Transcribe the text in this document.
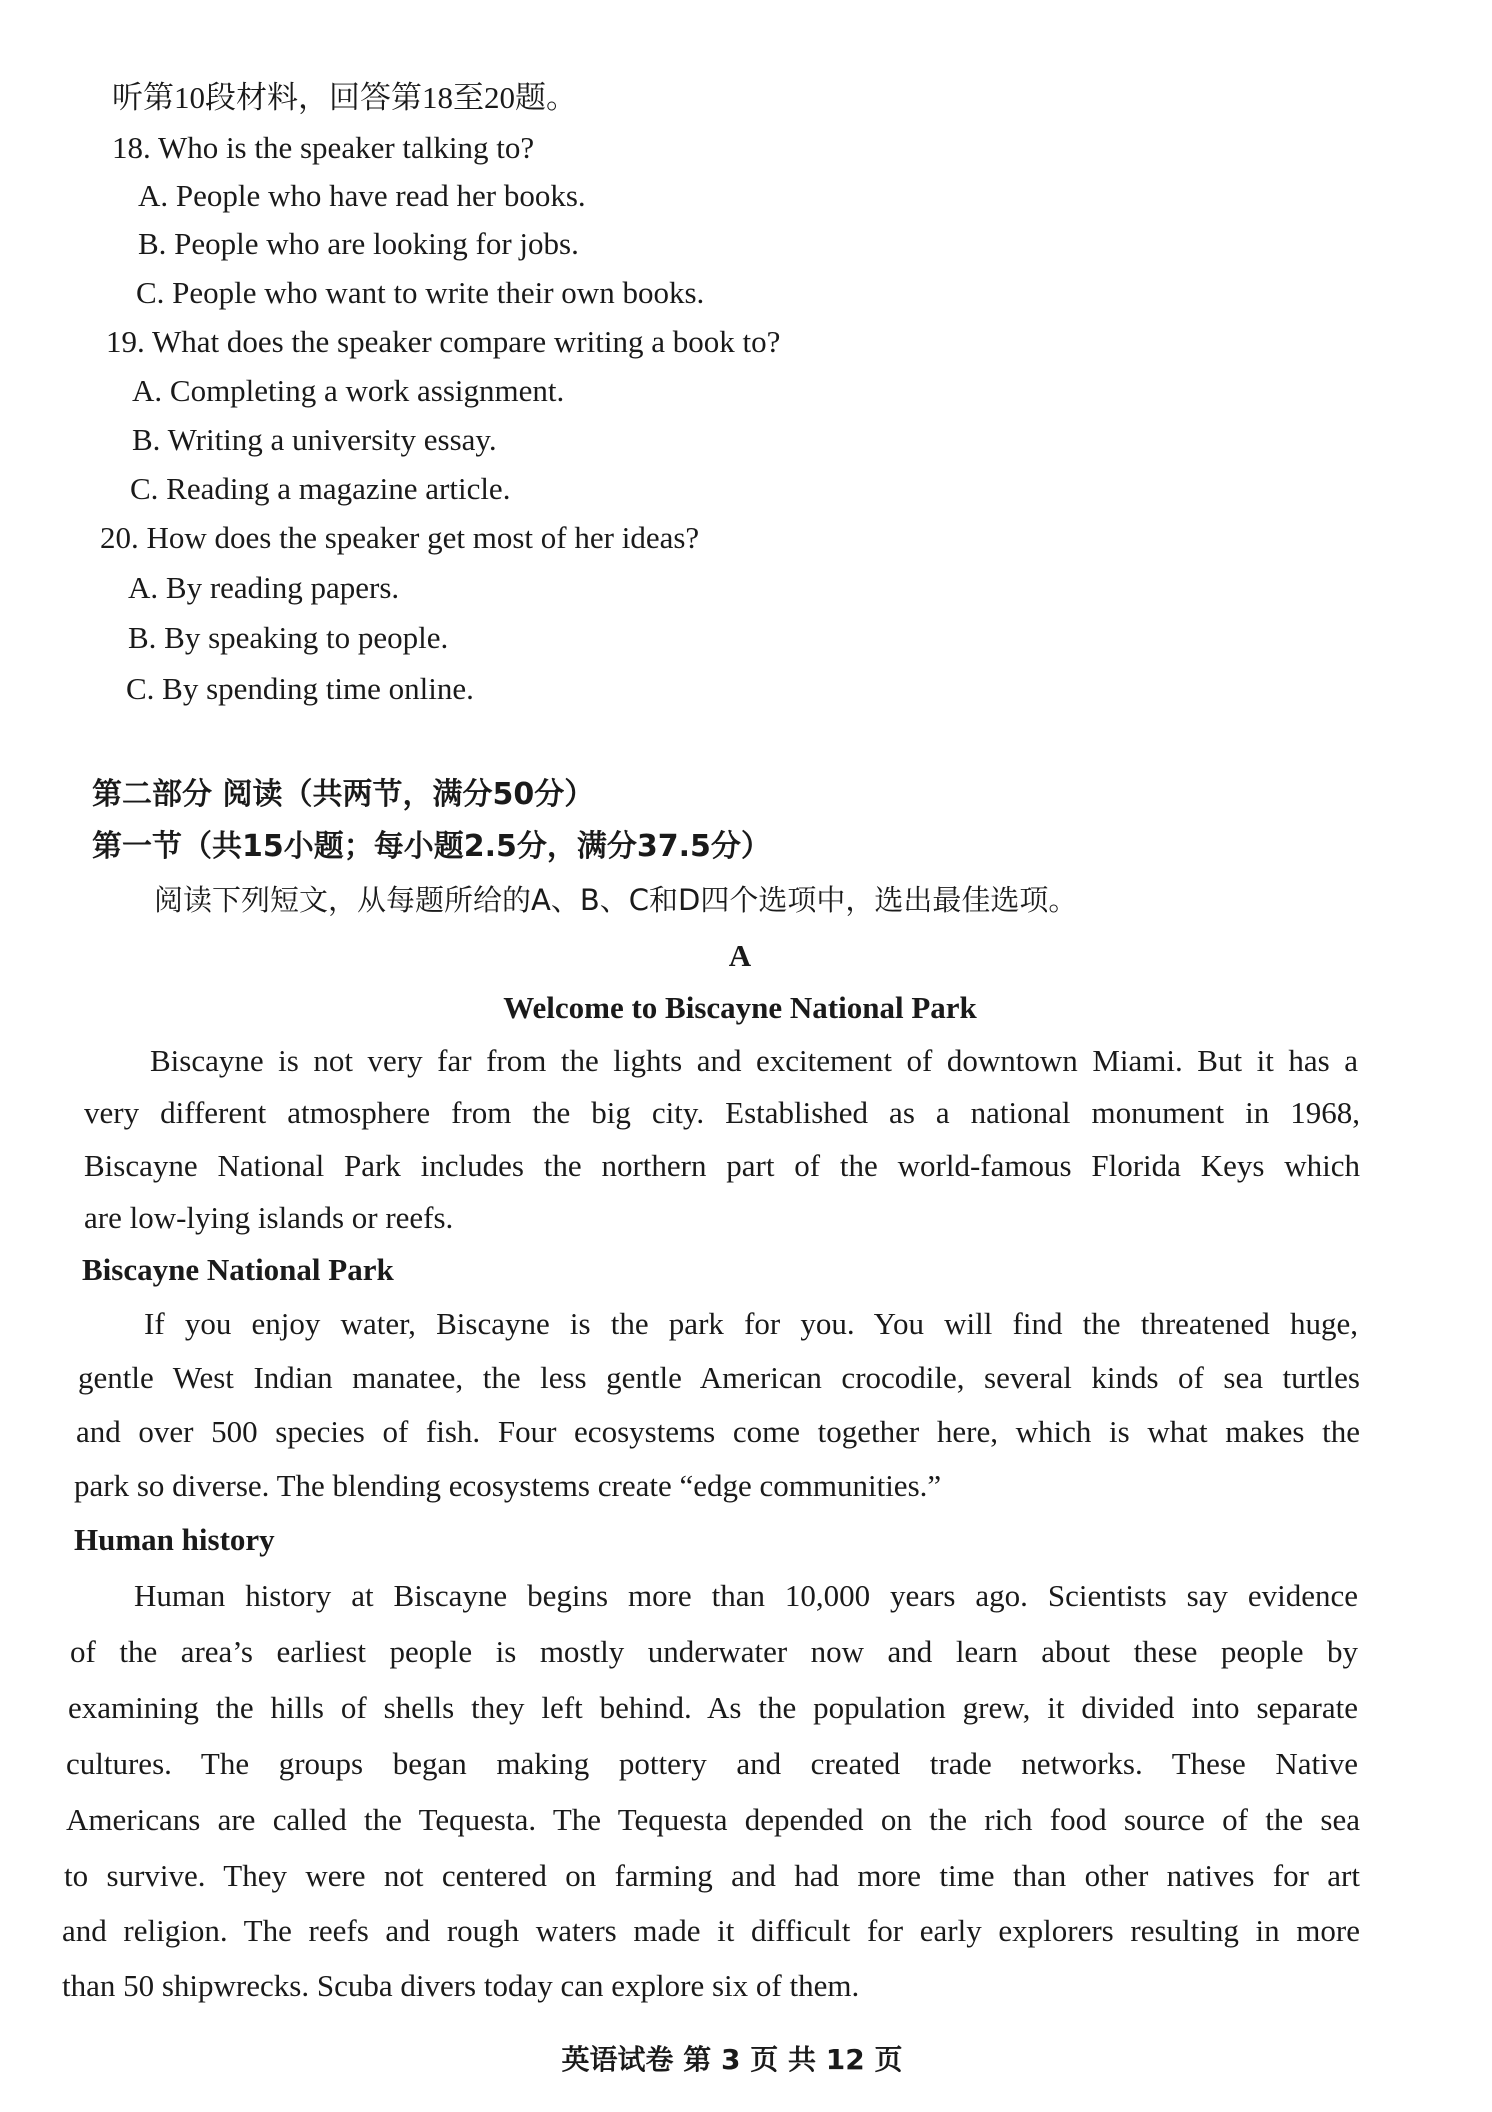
听第10段材料，回答第18至20题。
18. Who is the speaker talking to?
A. People who have read her books.
B. People who are looking for jobs.
C. People who want to write their own books.
19. What does the speaker compare writing a book to?
A. Completing a work assignment.
B. Writing a university essay.
C. Reading a magazine article.
20. How does the speaker get most of her ideas?
A. By reading papers.
B. By speaking to people.
C. By spending time online.
第二部分 阅读（共两节，满分50分）
第一节（共15小题；每小题2.5分，满分37.5分）
阅读下列短文，从每题所给的A、B、C和D四个选项中，选出最佳选项。
A
Welcome to Biscayne National Park
Biscayne is not very far from the lights and excitement of downtown Miami. But it has a
very different atmosphere from the big city. Established as a national monument in 1968,
Biscayne National Park includes the northern part of the world-famous Florida Keys which
are low-lying islands or reefs.
Biscayne National Park
If you enjoy water, Biscayne is the park for you. You will find the threatened huge,
gentle West Indian manatee, the less gentle American crocodile, several kinds of sea turtles
and over 500 species of fish. Four ecosystems come together here, which is what makes the
park so diverse. The blending ecosystems create “edge communities.”
Human history
Human history at Biscayne begins more than 10,000 years ago. Scientists say evidence
of the area’s earliest people is mostly underwater now and learn about these people by
examining the hills of shells they left behind. As the population grew, it divided into separate
cultures. The groups began making pottery and created trade networks. These Native
Americans are called the Tequesta. The Tequesta depended on the rich food source of the sea
to survive. They were not centered on farming and had more time than other natives for art
and religion. The reefs and rough waters made it difficult for early explorers resulting in more
than 50 shipwrecks. Scuba divers today can explore six of them.
英语试卷 第 3 页 共 12 页
